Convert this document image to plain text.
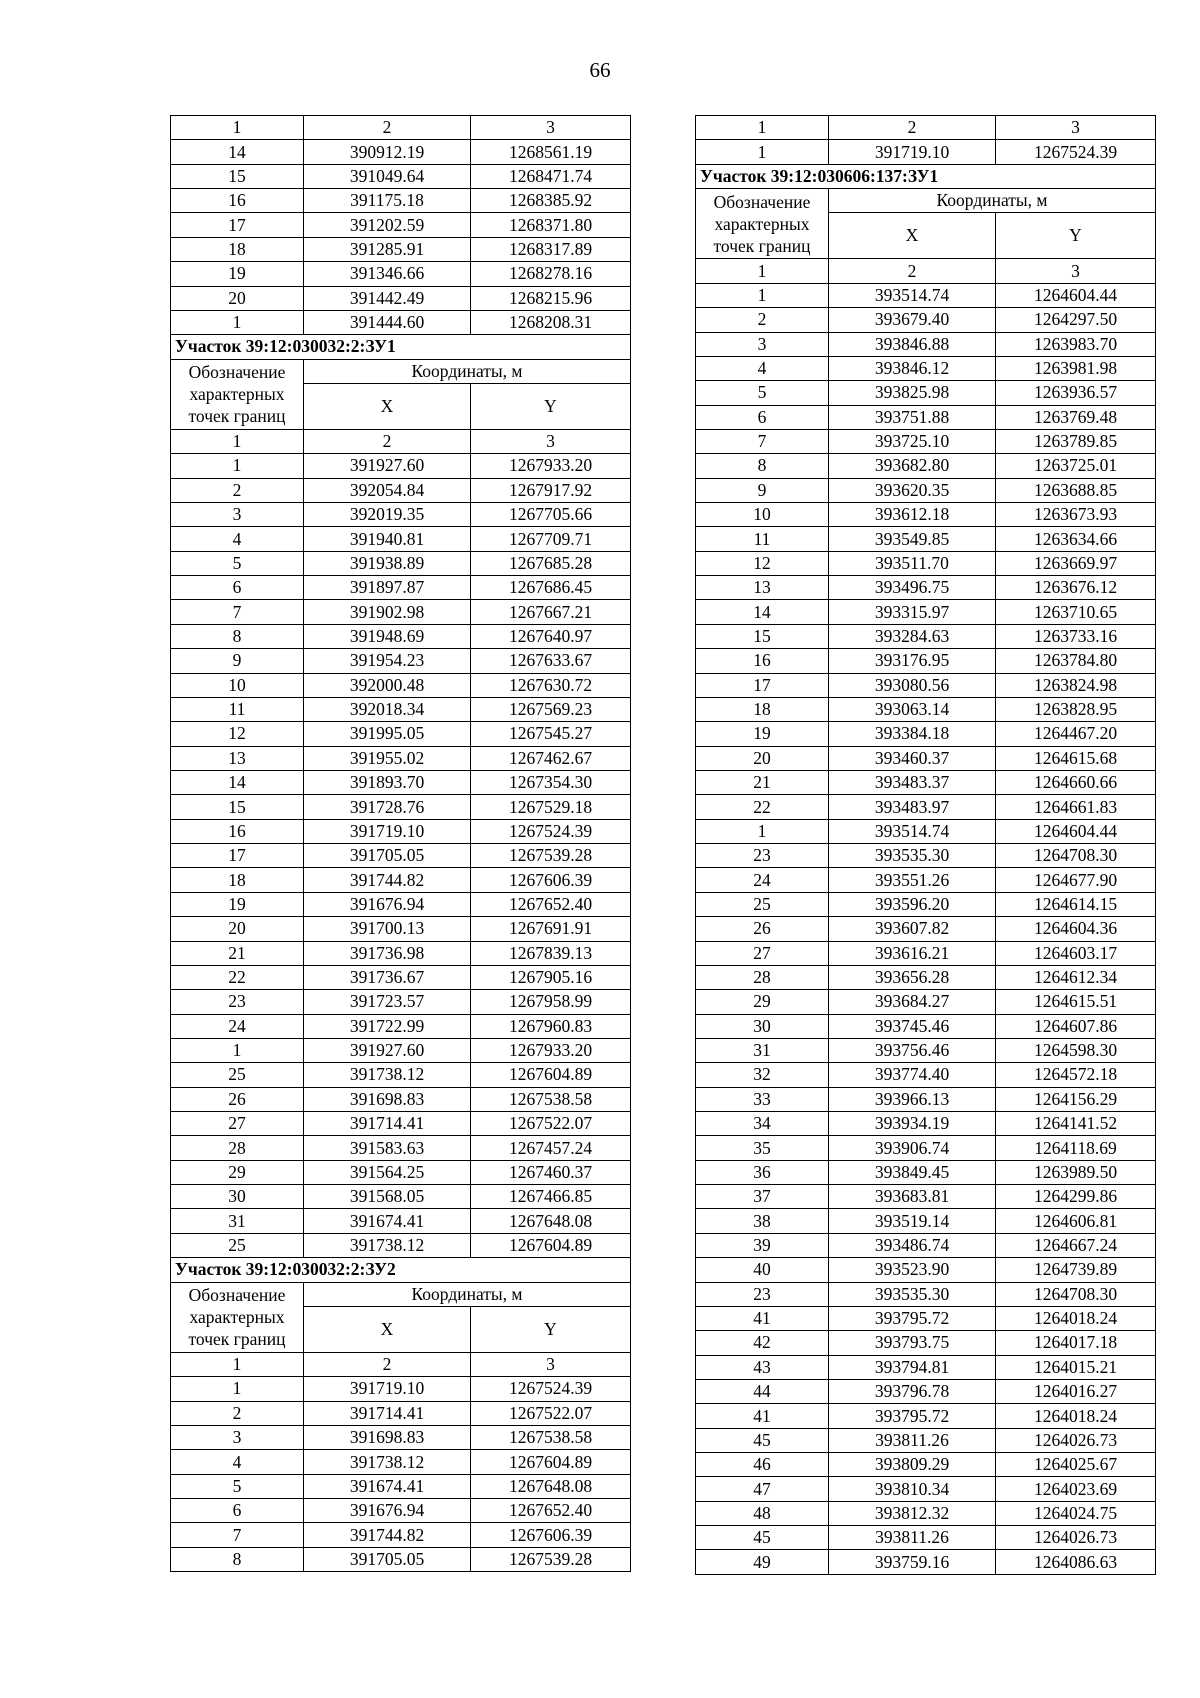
66
1	2	3
14	390912.19	1268561.19
15	391049.64	1268471.74
16	391175.18	1268385.92
17	391202.59	1268371.80
18	391285.91	1268317.89
19	391346.66	1268278.16
20	391442.49	1268215.96
1	391444.60	1268208.31
Участок 39:12:030032:2:ЗУ1		
Обозначение характерных точек границ	Координаты, м	
	X	Y
1	2	3
1	391927.60	1267933.20
2	392054.84	1267917.92
3	392019.35	1267705.66
4	391940.81	1267709.71
5	391938.89	1267685.28
6	391897.87	1267686.45
7	391902.98	1267667.21
8	391948.69	1267640.97
9	391954.23	1267633.67
10	392000.48	1267630.72
11	392018.34	1267569.23
12	391995.05	1267545.27
13	391955.02	1267462.67
14	391893.70	1267354.30
15	391728.76	1267529.18
16	391719.10	1267524.39
17	391705.05	1267539.28
18	391744.82	1267606.39
19	391676.94	1267652.40
20	391700.13	1267691.91
21	391736.98	1267839.13
22	391736.67	1267905.16
23	391723.57	1267958.99
24	391722.99	1267960.83
1	391927.60	1267933.20
25	391738.12	1267604.89
26	391698.83	1267538.58
27	391714.41	1267522.07
28	391583.63	1267457.24
29	391564.25	1267460.37
30	391568.05	1267466.85
31	391674.41	1267648.08
25	391738.12	1267604.89
Участок 39:12:030032:2:ЗУ2		
Обозначение характерных точек границ	Координаты, м	
	X	Y
1	2	3
1	391719.10	1267524.39
2	391714.41	1267522.07
3	391698.83	1267538.58
4	391738.12	1267604.89
5	391674.41	1267648.08
6	391676.94	1267652.40
7	391744.82	1267606.39
8	391705.05	1267539.28
1	2	3
1	391719.10	1267524.39
Участок 39:12:030606:137:ЗУ1		
Обозначение характерных точек границ	Координаты, м	
	X	Y
1	2	3
1	393514.74	1264604.44
2	393679.40	1264297.50
3	393846.88	1263983.70
4	393846.12	1263981.98
5	393825.98	1263936.57
6	393751.88	1263769.48
7	393725.10	1263789.85
8	393682.80	1263725.01
9	393620.35	1263688.85
10	393612.18	1263673.93
11	393549.85	1263634.66
12	393511.70	1263669.97
13	393496.75	1263676.12
14	393315.97	1263710.65
15	393284.63	1263733.16
16	393176.95	1263784.80
17	393080.56	1263824.98
18	393063.14	1263828.95
19	393384.18	1264467.20
20	393460.37	1264615.68
21	393483.37	1264660.66
22	393483.97	1264661.83
1	393514.74	1264604.44
23	393535.30	1264708.30
24	393551.26	1264677.90
25	393596.20	1264614.15
26	393607.82	1264604.36
27	393616.21	1264603.17
28	393656.28	1264612.34
29	393684.27	1264615.51
30	393745.46	1264607.86
31	393756.46	1264598.30
32	393774.40	1264572.18
33	393966.13	1264156.29
34	393934.19	1264141.52
35	393906.74	1264118.69
36	393849.45	1263989.50
37	393683.81	1264299.86
38	393519.14	1264606.81
39	393486.74	1264667.24
40	393523.90	1264739.89
23	393535.30	1264708.30
41	393795.72	1264018.24
42	393793.75	1264017.18
43	393794.81	1264015.21
44	393796.78	1264016.27
41	393795.72	1264018.24
45	393811.26	1264026.73
46	393809.29	1264025.67
47	393810.34	1264023.69
48	393812.32	1264024.75
45	393811.26	1264026.73
49	393759.16	1264086.63
